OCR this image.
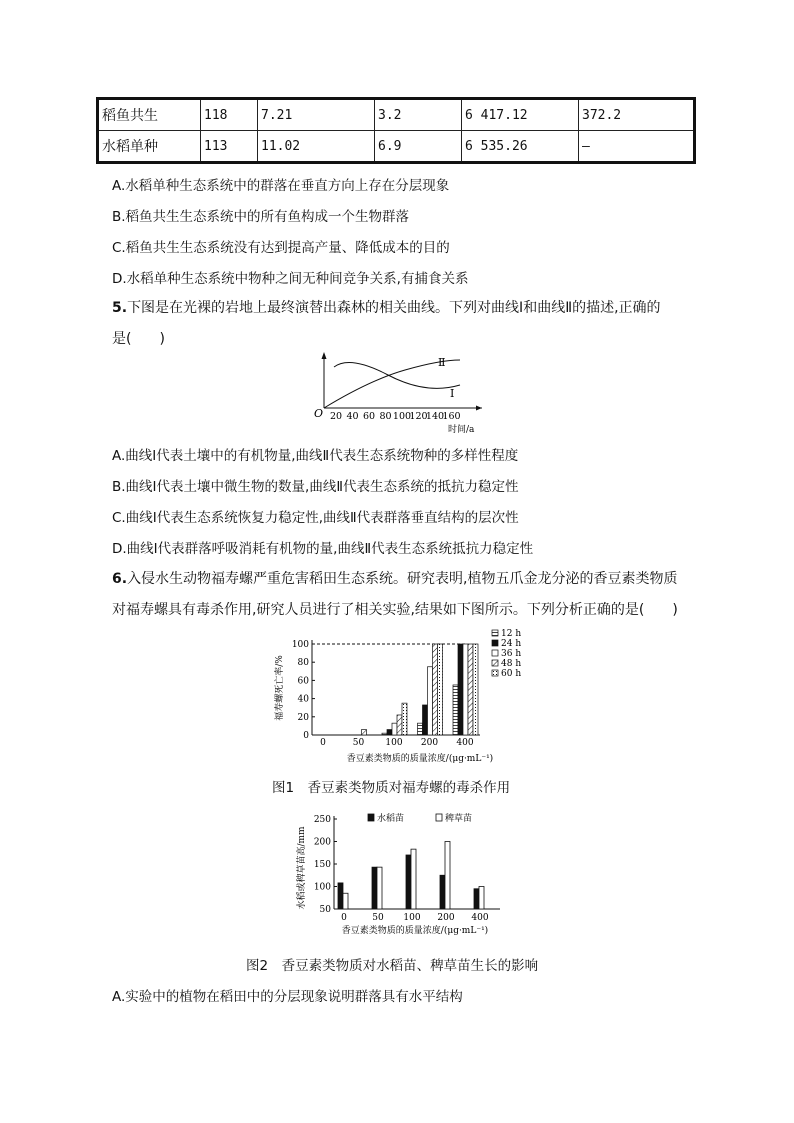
稻鱼共生	118	7.21	3.2	6 417.12	372.2
水稻单种	113	11.02	6.9	6 535.26	—
A.水稻单种生态系统中的群落在垂直方向上存在分层现象
B.稻鱼共生生态系统中的所有鱼构成一个生物群落
C.稻鱼共生生态系统没有达到提高产量、降低成本的目的
D.水稻单种生态系统中物种之间无种间竞争关系,有捕食关系
5.下图是在光裸的岩地上最终演替出森林的相关曲线。下列对曲线Ⅰ和曲线Ⅱ的描述,正确的
是(　　)
Ⅱ
Ⅰ
O 20 40 60 80 100
120
140
160
时间/a
A.曲线Ⅰ代表土壤中的有机物量,曲线Ⅱ代表生态系统物种的多样性程度
B.曲线Ⅰ代表土壤中微生物的数量,曲线Ⅱ代表生态系统的抵抗力稳定性
C.曲线Ⅰ代表生态系统恢复力稳定性,曲线Ⅱ代表群落垂直结构的层次性
D.曲线Ⅰ代表群落呼吸消耗有机物的量,曲线Ⅱ代表生态系统抵抗力稳定性
6.入侵水生动物福寿螺严重危害稻田生态系统。研究表明,植物五爪金龙分泌的香豆素类物质
对福寿螺具有毒杀作用,研究人员进行了相关实验,结果如下图所示。下列分析正确的是(　　)
0
20
40
60
80
100
0	50 100 200 400
12 h
24 h
36 h
48 h
60 h
福寿螺死亡率/%
香豆素类物质的质量浓度/(μg·mL⁻¹)
图1　香豆素类物质对福寿螺的毒杀作用
50
100
150
200
250
0	50 100 200 400
水稻苗	稗草苗
水稻或稗草苗高/mm
香豆素类物质的质量浓度/(μg·mL⁻¹)
图2　香豆素类物质对水稻苗、稗草苗生长的影响
A.实验中的植物在稻田中的分层现象说明群落具有水平结构
